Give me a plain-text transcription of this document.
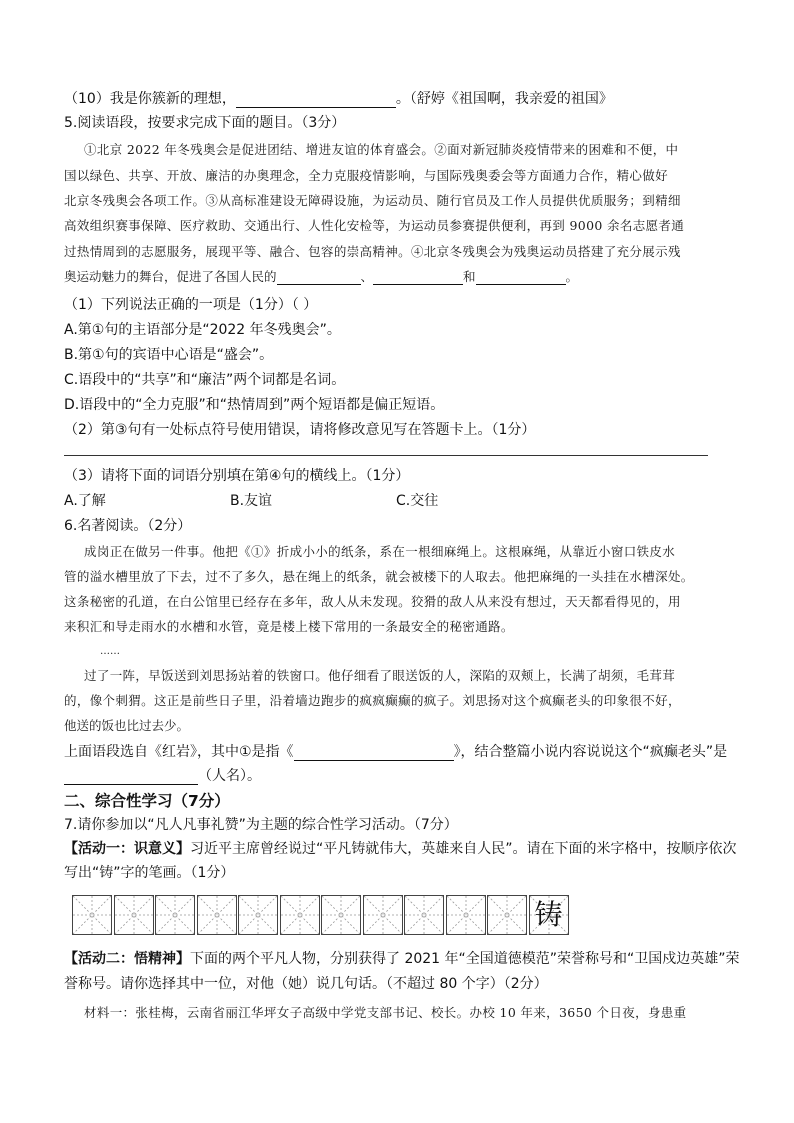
（10）我是你簇新的理想，	。（舒婷《祖国啊，我亲爱的祖国》
5.阅读语段，按要求完成下面的题目。（3分）
①北京 2022 年冬残奥会是促进团结、增进友谊的体育盛会。②面对新冠肺炎疫情带来的困难和不便，中
国以绿色、共享、开放、廉洁的办奥理念，全力克服疫情影响，与国际残奥委会等方面通力合作，精心做好
北京冬残奥会各项工作。③从高标准建设无障碍设施，为运动员、随行官员及工作人员提供优质服务；到精细
高效组织赛事保障、医疗救助、交通出行、人性化安检等，为运动员参赛提供便利，再到 9000 余名志愿者通
过热情周到的志愿服务，展现平等、融合、包容的崇高精神。④北京冬残奥会为残奥运动员搭建了充分展示残
奥运动魅力的舞台，促进了各国人民的	、	和	。
（1）下列说法正确的一项是（1分）（ ）
A.第①句的主语部分是“2022 年冬残奥会”。
B.第①句的宾语中心语是“盛会”。
C.语段中的“共享”和“廉洁”两个词都是名词。
D.语段中的“全力克服”和“热情周到”两个短语都是偏正短语。
（2）第③句有一处标点符号使用错误，请将修改意见写在答题卡上。（1分）
（3）请将下面的词语分别填在第④句的横线上。（1分）
A.了解	B.友谊	C.交往
6.名著阅读。（2分）
成岗正在做另一件事。他把《①》折成小小的纸条，系在一根细麻绳上。这根麻绳，从靠近小窗口铁皮水
管的溢水槽里放了下去，过不了多久，悬在绳上的纸条，就会被楼下的人取去。他把麻绳的一头挂在水槽深处。
这条秘密的孔道，在白公馆里已经存在多年，敌人从未发现。狡猾的敌人从来没有想过，天天都看得见的，用
来积汇和导走雨水的水槽和水管，竟是楼上楼下常用的一条最安全的秘密通路。
……
过了一阵，早饭送到刘思扬站着的铁窗口。他仔细看了眼送饭的人，深陷的双颊上，长满了胡须，毛茸茸
的，像个刺猬。这正是前些日子里，沿着墙边跑步的疯疯癫癫的疯子。刘思扬对这个疯癫老头的印象很不好，
他送的饭也比过去少。
上面语段选自《红岩》，其中①是指《	》，结合整篇小说内容说说这个“疯癫老头”是
（人名）。
二、综合性学习（7分）
7.请你参加以“凡人凡事礼赞”为主题的综合性学习活动。（7分）
【活动一：识意义】习近平主席曾经说过“平凡铸就伟大，英雄来自人民”。请在下面的米字格中，按顺序依次
写出“铸”字的笔画。（1分）
铸
【活动二：悟精神】下面的两个平凡人物，分别获得了 2021 年“全国道德模范”荣誉称号和“卫国戍边英雄”荣
誉称号。请你选择其中一位，对他（她）说几句话。（不超过 80 个字）（2分）
材料一：张桂梅，云南省丽江华坪女子高级中学党支部书记、校长。办校 10 年来，3650 个日夜，身患重
